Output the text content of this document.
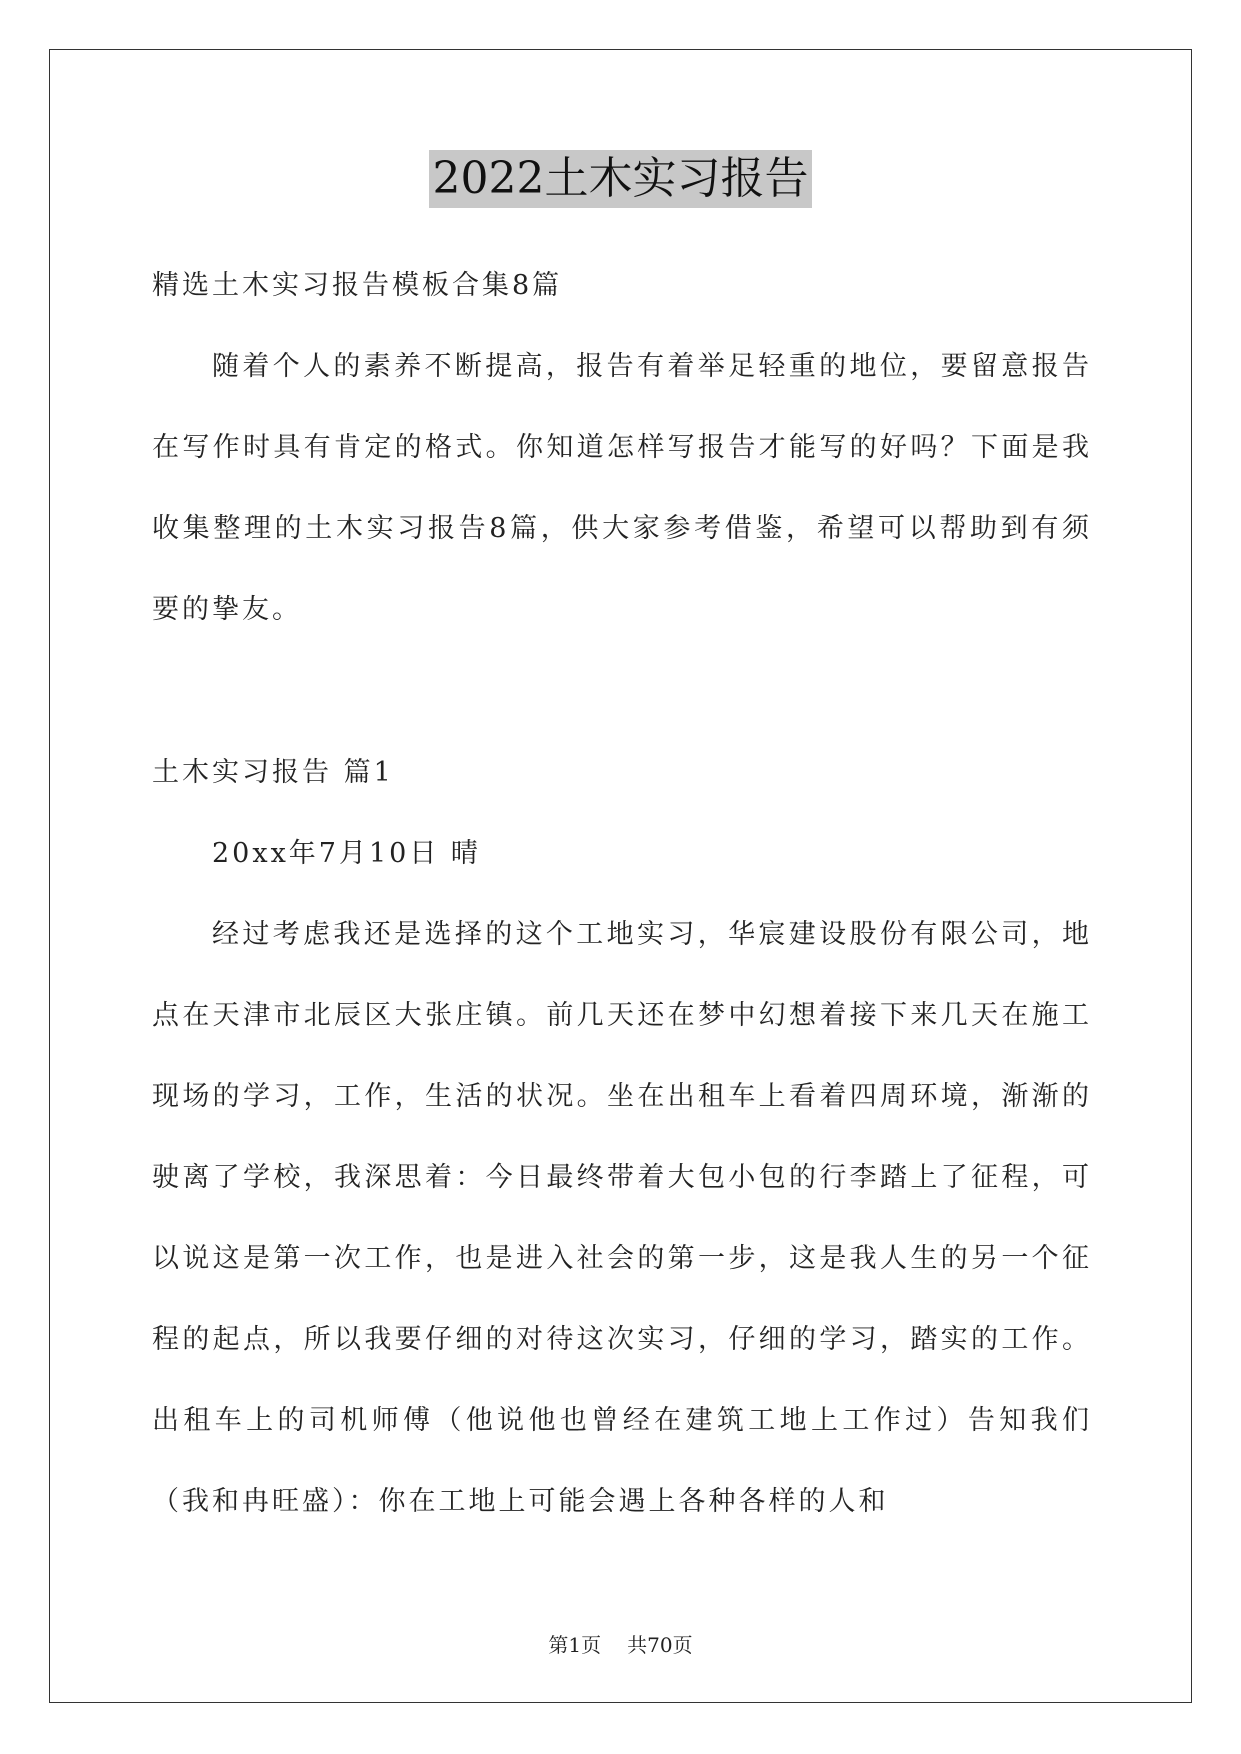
2022土木实习报告

精选土木实习报告模板合集8篇

随着个人的素养不断提高，报告有着举足轻重的地位，要留意报告在写作时具有肯定的格式。你知道怎样写报告才能写的好吗？下面是我收集整理的土木实习报告8篇，供大家参考借鉴，希望可以帮助到有须要的挚友。

土木实习报告 篇1

20xx年7月10日 晴

经过考虑我还是选择的这个工地实习，华宸建设股份有限公司，地点在天津市北辰区大张庄镇。前几天还在梦中幻想着接下来几天在施工现场的学习，工作，生活的状况。坐在出租车上看着四周环境，渐渐的驶离了学校，我深思着：今日最终带着大包小包的行李踏上了征程，可以说这是第一次工作，也是进入社会的第一步，这是我人生的另一个征程的起点，所以我要仔细的对待这次实习，仔细的学习，踏实的工作。出租车上的司机师傅（他说他也曾经在建筑工地上工作过）告知我们（我和冉旺盛）：你在工地上可能会遇上各种各样的人和

第1页 共70页
